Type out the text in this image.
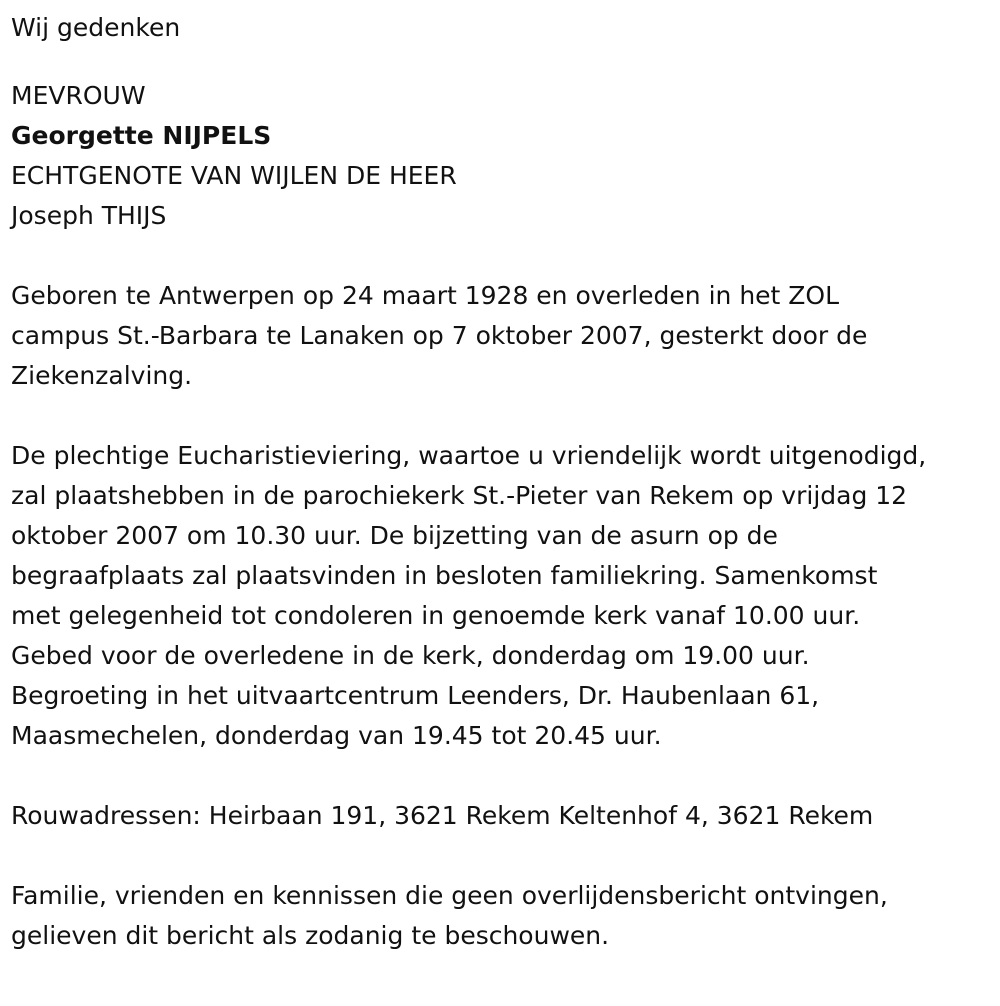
Wij gedenken
MEVROUW
Georgette NIJPELS
ECHTGENOTE VAN WIJLEN DE HEER
Joseph THIJS
Geboren te Antwerpen op 24 maart 1928 en overleden in het ZOL
campus St.-Barbara te Lanaken op 7 oktober 2007, gesterkt door de
Ziekenzalving.
De plechtige Eucharistieviering, waartoe u vriendelijk wordt uitgenodigd,
zal plaatshebben in de parochiekerk St.-Pieter van Rekem op vrijdag 12
oktober 2007 om 10.30 uur. De bijzetting van de asurn op de
begraafplaats zal plaatsvinden in besloten familiekring. Samenkomst
met gelegenheid tot condoleren in genoemde kerk vanaf 10.00 uur.
Gebed voor de overledene in de kerk, donderdag om 19.00 uur.
Begroeting in het uitvaartcentrum Leenders, Dr. Haubenlaan 61,
Maasmechelen, donderdag van 19.45 tot 20.45 uur.
Rouwadressen: Heirbaan 191, 3621 Rekem Keltenhof 4, 3621 Rekem
Familie, vrienden en kennissen die geen overlijdensbericht ontvingen,
gelieven dit bericht als zodanig te beschouwen.
